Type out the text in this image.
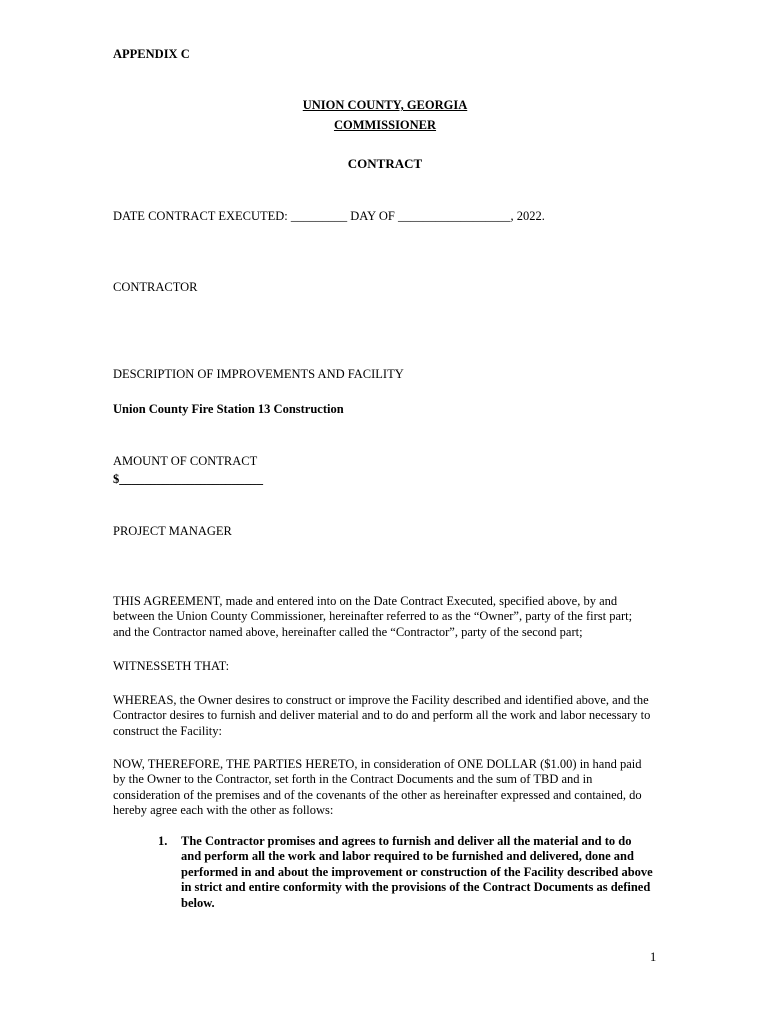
APPENDIX C
UNION COUNTY, GEORGIA
COMMISSIONER
CONTRACT
DATE CONTRACT EXECUTED: _________ DAY OF __________________, 2022.
CONTRACTOR
DESCRIPTION OF IMPROVEMENTS AND FACILITY
Union County Fire Station 13 Construction
AMOUNT OF CONTRACT
$_______________________
PROJECT MANAGER
THIS AGREEMENT, made and entered into on the Date Contract Executed, specified above, by and
between the Union County Commissioner, hereinafter referred to as the “Owner”, party of the first part;
and the Contractor named above, hereinafter called the “Contractor”, party of the second part;
WITNESSETH THAT:
WHEREAS, the Owner desires to construct or improve the Facility described and identified above, and the
Contractor desires to furnish and deliver material and to do and perform all the work and labor necessary to
construct the Facility:
NOW, THEREFORE, THE PARTIES HERETO, in consideration of ONE DOLLAR ($1.00) in hand paid
by the Owner to the Contractor, set forth in the Contract Documents and the sum of TBD and in
consideration of the premises and of the covenants of the other as hereinafter expressed and contained, do
hereby agree each with the other as follows:
1. The Contractor promises and agrees to furnish and deliver all the material and to do
and perform all the work and labor required to be furnished and delivered, done and
performed in and about the improvement or construction of the Facility described above
in strict and entire conformity with the provisions of the Contract Documents as defined
below.
1
